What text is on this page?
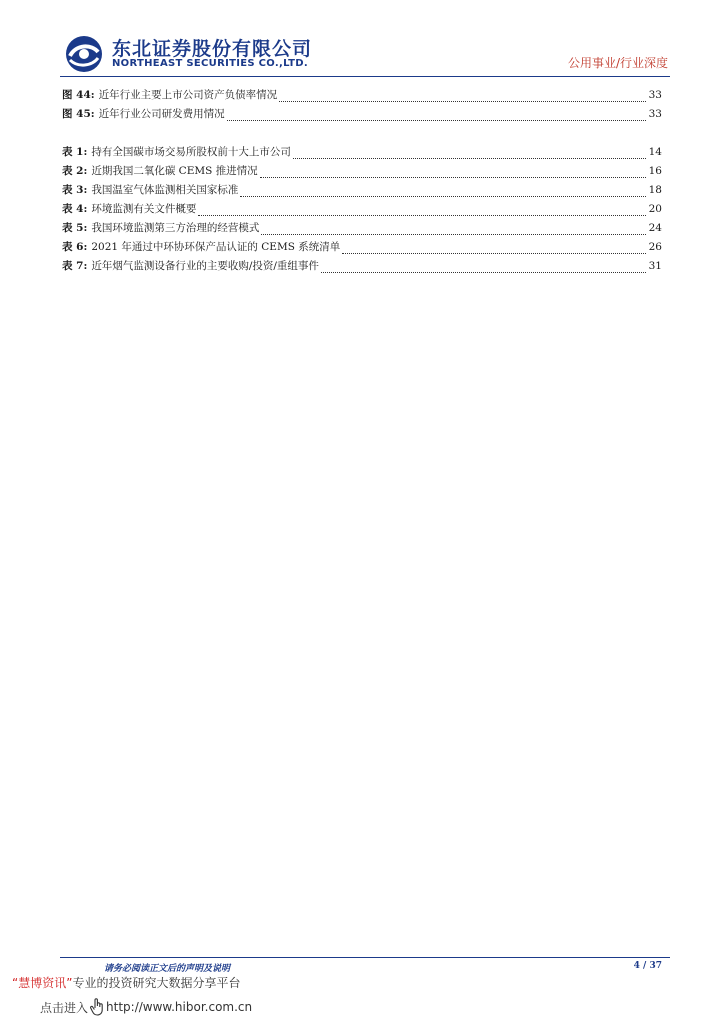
东北证券股份有限公司
NORTHEAST SECURITIES CO.,LTD.	公用事业/行业深度
图 44: 近年行业主要上市公司资产负债率情况	33
图 45: 近年行业公司研发费用情况	33
表 1: 持有全国碳市场交易所股权前十大上市公司	14
表 2: 近期我国二氧化碳 CEMS 推进情况	16
表 3: 我国温室气体监测相关国家标准	18
表 4: 环境监测有关文件概要	20
表 5: 我国环境监测第三方治理的经营模式	24
表 6: 2021 年通过中环协环保产品认证的 CEMS 系统清单	26
表 7: 近年烟气监测设备行业的主要收购/投资/重组事件	31
请务必阅读正文后的声明及说明	4 / 37
“慧博资讯”专业的投资研究大数据分享平台
点击进入 http://www.hibor.com.cn
